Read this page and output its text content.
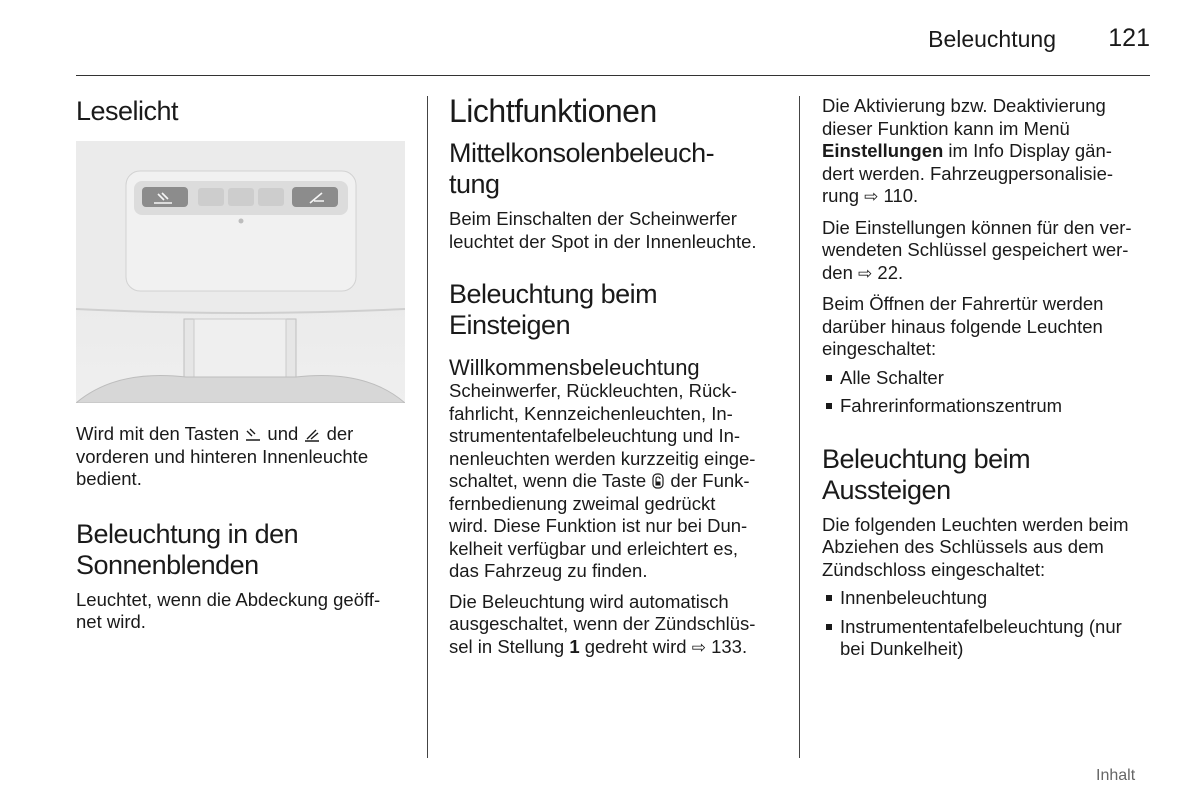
Beleuchtung	121
Leselicht

Wird mit den Tasten  und  der vorderen und hinteren Innenleuchte bedient.

Beleuchtung in den
Sonnenblenden

Leuchtet, wenn die Abdeckung geöff-
net wird.

Lichtfunktionen
Mittelkonsolenbeleuch-
tung

Beim Einschalten der Scheinwerfer
leuchtet der Spot in der Innenleuchte.

Beleuchtung beim
Einsteigen
Willkommensbeleuchtung

Scheinwerfer, Rückleuchten, Rück-
fahrlicht, Kennzeichenleuchten, In-
strumententafelbeleuchtung und In-
nenleuchten werden kurzzeitig einge-
schaltet, wenn die Taste  der Funk-
fernbedienung zweimal gedrückt
wird. Diese Funktion ist nur bei Dun-
kelheit verfügbar und erleichtert es,
das Fahrzeug zu finden.

Die Beleuchtung wird automatisch
ausgeschaltet, wenn der Zündschlüs-
sel in Stellung 1 gedreht wird ⇨ 133.

Die Aktivierung bzw. Deaktivierung
dieser Funktion kann im Menü
Einstellungen im Info Display gän-
dert werden. Fahrzeugpersonalisie-
rung ⇨ 110.

Die Einstellungen können für den ver-
wendeten Schlüssel gespeichert wer-
den ⇨ 22.

Beim Öffnen der Fahrertür werden
darüber hinaus folgende Leuchten
eingeschaltet:

Alle Schalter
Fahrerinformationszentrum
Beleuchtung beim
Aussteigen

Die folgenden Leuchten werden beim
Abziehen des Schlüssels aus dem
Zündschloss eingeschaltet:

Innenbeleuchtung
Instrumententafelbeleuchtung (nur
bei Dunkelheit)
Inhalt
